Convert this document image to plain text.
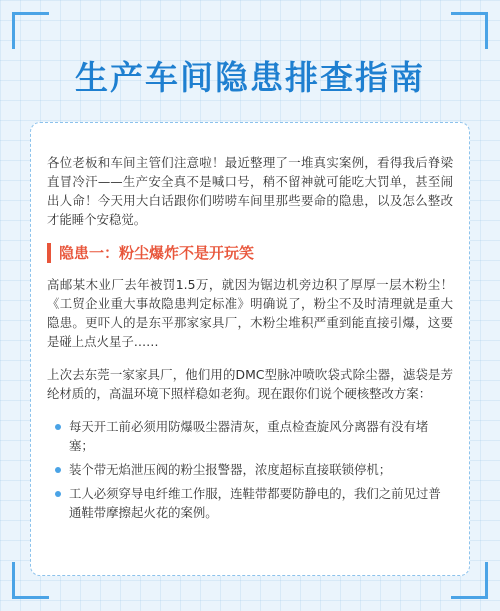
生产车间隐患排查指南

各位老板和车间主管们注意啦！最近整理了一堆真实案例，看得我后脊梁直冒冷汗——生产安全真不是喊口号，稍不留神就可能吃大罚单，甚至闹出人命！今天用大白话跟你们唠唠车间里那些要命的隐患，以及怎么整改才能睡个安稳觉。

隐患一：粉尘爆炸不是开玩笑

高邮某木业厂去年被罚1.5万，就因为锯边机旁边积了厚厚一层木粉尘！《工贸企业重大事故隐患判定标准》明确说了，粉尘不及时清理就是重大隐患。更吓人的是东平那家家具厂，木粉尘堆积严重到能直接引爆，这要是碰上点火星子……

上次去东莞一家家具厂，他们用的DMC型脉冲喷吹袋式除尘器，滤袋是芳纶材质的，高温环境下照样稳如老狗。现在跟你们说个硬核整改方案：

每天开工前必须用防爆吸尘器清灰，重点检查旋风分离器有没有堵塞；
装个带无焰泄压阀的粉尘报警器，浓度超标直接联锁停机；
工人必须穿导电纤维工作服，连鞋带都要防静电的，我们之前见过普通鞋带摩擦起火花的案例。
